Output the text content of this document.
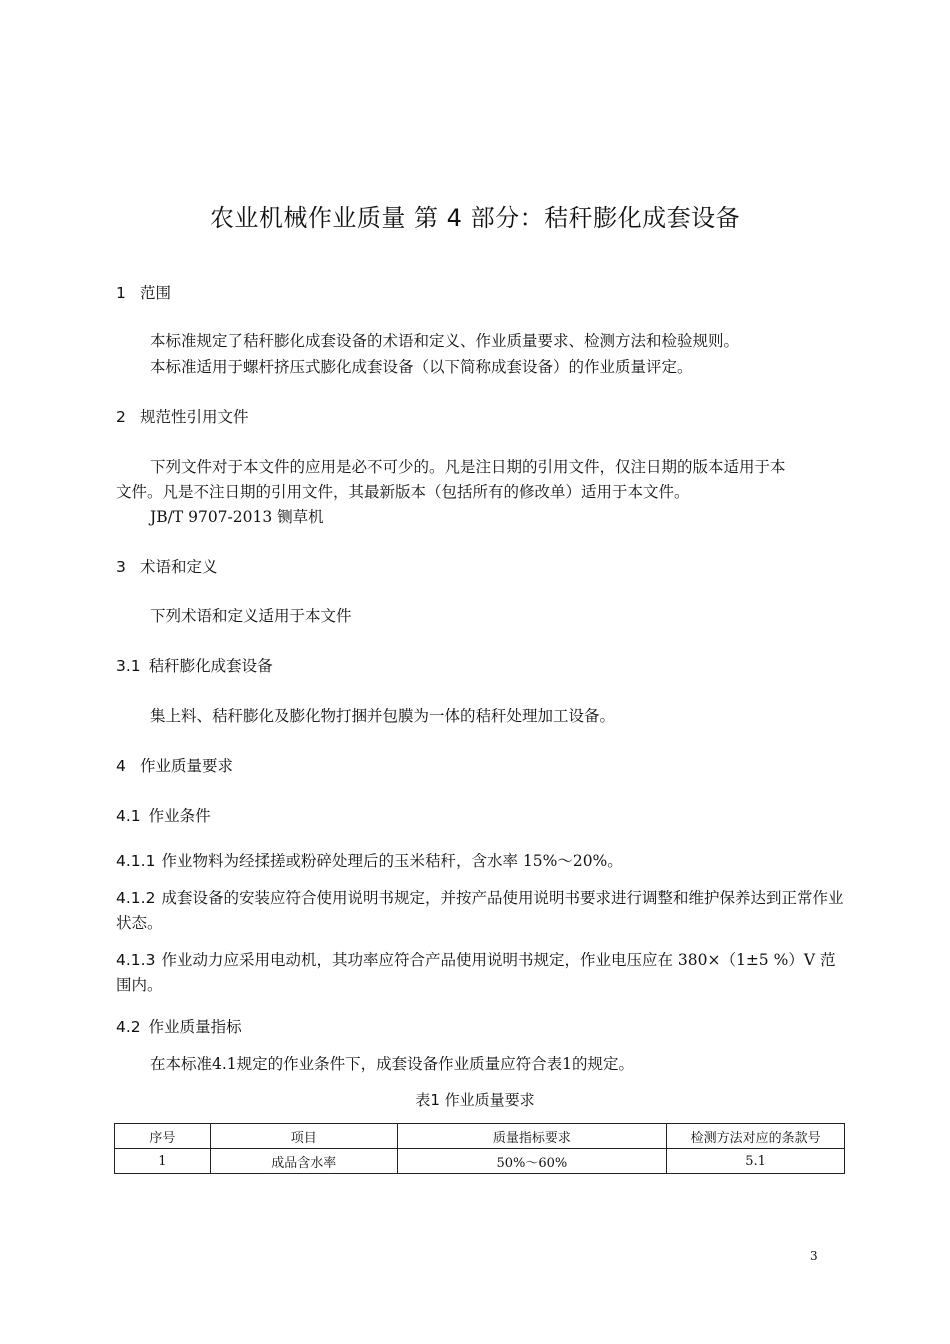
农业机械作业质量 第 4 部分：秸秆膨化成套设备
1 范围
本标准规定了秸秆膨化成套设备的术语和定义、作业质量要求、检测方法和检验规则。
本标准适用于螺杆挤压式膨化成套设备（以下简称成套设备）的作业质量评定。
2 规范性引用文件
下列文件对于本文件的应用是必不可少的。凡是注日期的引用文件，仅注日期的版本适用于本
文件。凡是不注日期的引用文件，其最新版本（包括所有的修改单）适用于本文件。
JB/T 9707-2013 铡草机
3 术语和定义
下列术语和定义适用于本文件
3.1 秸秆膨化成套设备
集上料、秸秆膨化及膨化物打捆并包膜为一体的秸秆处理加工设备。
4 作业质量要求
4.1 作业条件
4.1.1 作业物料为经揉搓或粉碎处理后的玉米秸秆，含水率 15%～20%。
4.1.2 成套设备的安装应符合使用说明书规定，并按产品使用说明书要求进行调整和维护保养达到正常作业状态。
4.1.3 作业动力应采用电动机，其功率应符合产品使用说明书规定，作业电压应在 380×（1±5 %）V 范围内。
4.2 作业质量指标
在本标准4.1规定的作业条件下，成套设备作业质量应符合表1的规定。
表1 作业质量要求
序号	项目	质量指标要求	检测方法对应的条款号
1	成品含水率	50%～60%	5.1
3
